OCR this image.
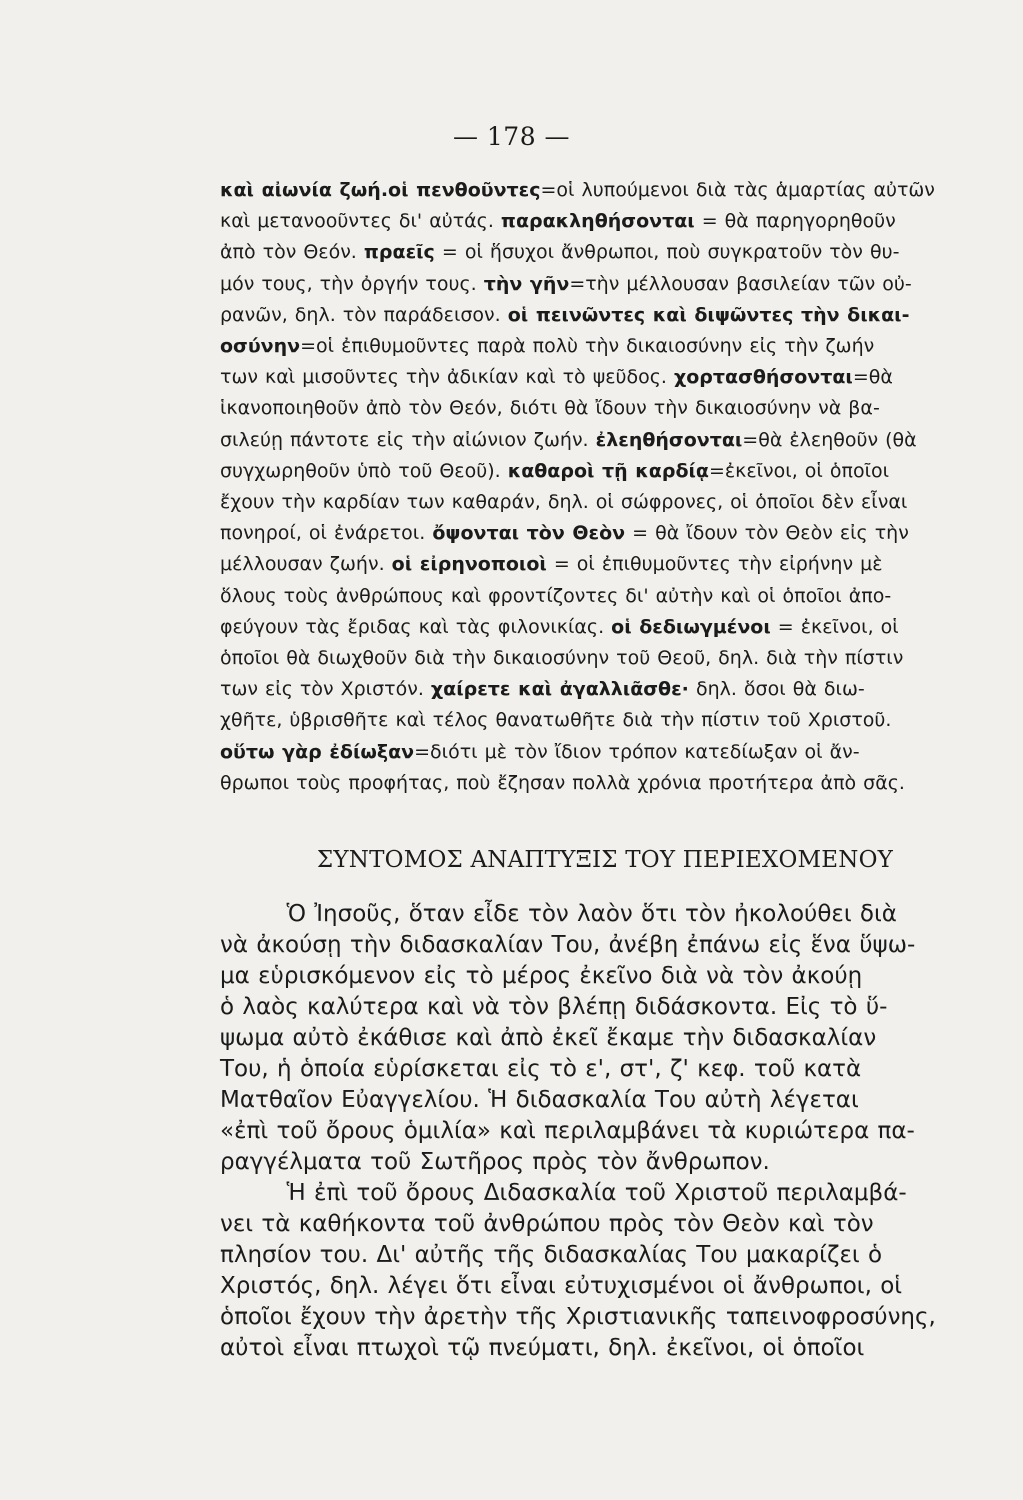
— 178 —
καὶ αἰωνία ζωή.οἱ πενθοῦντες=οἱ λυπούμενοι διὰ τὰς ἁμαρτίας αὐτῶν
καὶ μετανοοῦντες δι' αὐτάς. παρακληθήσονται = θὰ παρηγορηθοῦν
ἀπὸ τὸν Θεόν. πραεῖς = οἱ ἥσυχοι ἄνθρωποι, ποὺ συγκρατοῦν τὸν θυ-
μόν τους, τὴν ὀργήν τους. τὴν γῆν=τὴν μέλλουσαν βασιλείαν τῶν οὐ-
ρανῶν, δηλ. τὸν παράδεισον. οἱ πεινῶντες καὶ διψῶντες τὴν δικαι-
οσύνην=οἱ ἐπιθυμοῦντες παρὰ πολὺ τὴν δικαιοσύνην εἰς τὴν ζωήν
των καὶ μισοῦντες τὴν ἀδικίαν καὶ τὸ ψεῦδος. χορτασθήσονται=θὰ
ἱκανοποιηθοῦν ἀπὸ τὸν Θεόν, διότι θὰ ἴδουν τὴν δικαιοσύνην νὰ βα-
σιλεύῃ πάντοτε εἰς τὴν αἰώνιον ζωήν. ἐλεηθήσονται=θὰ ἐλεηθοῦν (θὰ
συγχωρηθοῦν ὑπὸ τοῦ Θεοῦ). καθαροὶ τῇ καρδίᾳ=ἐκεῖνοι, οἱ ὁποῖοι
ἔχουν τὴν καρδίαν των καθαράν, δηλ. οἱ σώφρονες, οἱ ὁποῖοι δὲν εἶναι
πονηροί, οἱ ἐνάρετοι. ὄψονται τὸν Θεὸν = θὰ ἴδουν τὸν Θεὸν εἰς τὴν
μέλλουσαν ζωήν. οἱ εἰρηνοποιοὶ = οἱ ἐπιθυμοῦντες τὴν εἰρήνην μὲ
ὅλους τοὺς ἀνθρώπους καὶ φροντίζοντες δι' αὐτὴν καὶ οἱ ὁποῖοι ἀπο-
φεύγουν τὰς ἔριδας καὶ τὰς φιλονικίας. οἱ δεδιωγμένοι = ἐκεῖνοι, οἱ
ὁποῖοι θὰ διωχθοῦν διὰ τὴν δικαιοσύνην τοῦ Θεοῦ, δηλ. διὰ τὴν πίστιν
των εἰς τὸν Χριστόν. χαίρετε καὶ ἀγαλλιᾶσθε· δηλ. ὅσοι θὰ διω-
χθῆτε, ὑβρισθῆτε καὶ τέλος θανατωθῆτε διὰ τὴν πίστιν τοῦ Χριστοῦ.
οὕτω γὰρ ἐδίωξαν=διότι μὲ τὸν ἴδιον τρόπον κατεδίωξαν οἱ ἄν-
θρωποι τοὺς προφήτας, ποὺ ἔζησαν πολλὰ χρόνια προτήτερα ἀπὸ σᾶς.
ΣΥΝΤΟΜΟΣ ΑΝΑΠΤΥΞΙΣ ΤΟΥ ΠΕΡΙΕΧΟΜΕΝΟΥ
Ὁ Ἰησοῦς, ὅταν εἶδε τὸν λαὸν ὅτι τὸν ἠκολούθει διὰ
νὰ ἀκούσῃ τὴν διδασκαλίαν Του, ἀνέβη ἐπάνω εἰς ἕνα ὕψω-
μα εὑρισκόμενον εἰς τὸ μέρος ἐκεῖνο διὰ νὰ τὸν ἀκούῃ
ὁ λαὸς καλύτερα καὶ νὰ τὸν βλέπῃ διδάσκοντα. Εἰς τὸ ὕ-
ψωμα αὐτὸ ἐκάθισε καὶ ἀπὸ ἐκεῖ ἔκαμε τὴν διδασκαλίαν
Του, ἡ ὁποία εὑρίσκεται εἰς τὸ ε', στ', ζ' κεφ. τοῦ κατὰ
Ματθαῖον Εὐαγγελίου. Ἡ διδασκαλία Του αὐτὴ λέγεται
«ἐπὶ τοῦ ὄρους ὁμιλία» καὶ περιλαμβάνει τὰ κυριώτερα πα-
ραγγέλματα τοῦ Σωτῆρος πρὸς τὸν ἄνθρωπον.
Ἡ ἐπὶ τοῦ ὄρους Διδασκαλία τοῦ Χριστοῦ περιλαμβά-
νει τὰ καθήκοντα τοῦ ἀνθρώπου πρὸς τὸν Θεὸν καὶ τὸν
πλησίον του. Δι' αὐτῆς τῆς διδασκαλίας Του μακαρίζει ὁ
Χριστός, δηλ. λέγει ὅτι εἶναι εὐτυχισμένοι οἱ ἄνθρωποι, οἱ
ὁποῖοι ἔχουν τὴν ἀρετὴν τῆς Χριστιανικῆς ταπεινοφροσύνης,
αὐτοὶ εἶναι πτωχοὶ τῷ πνεύματι, δηλ. ἐκεῖνοι, οἱ ὁποῖοι
